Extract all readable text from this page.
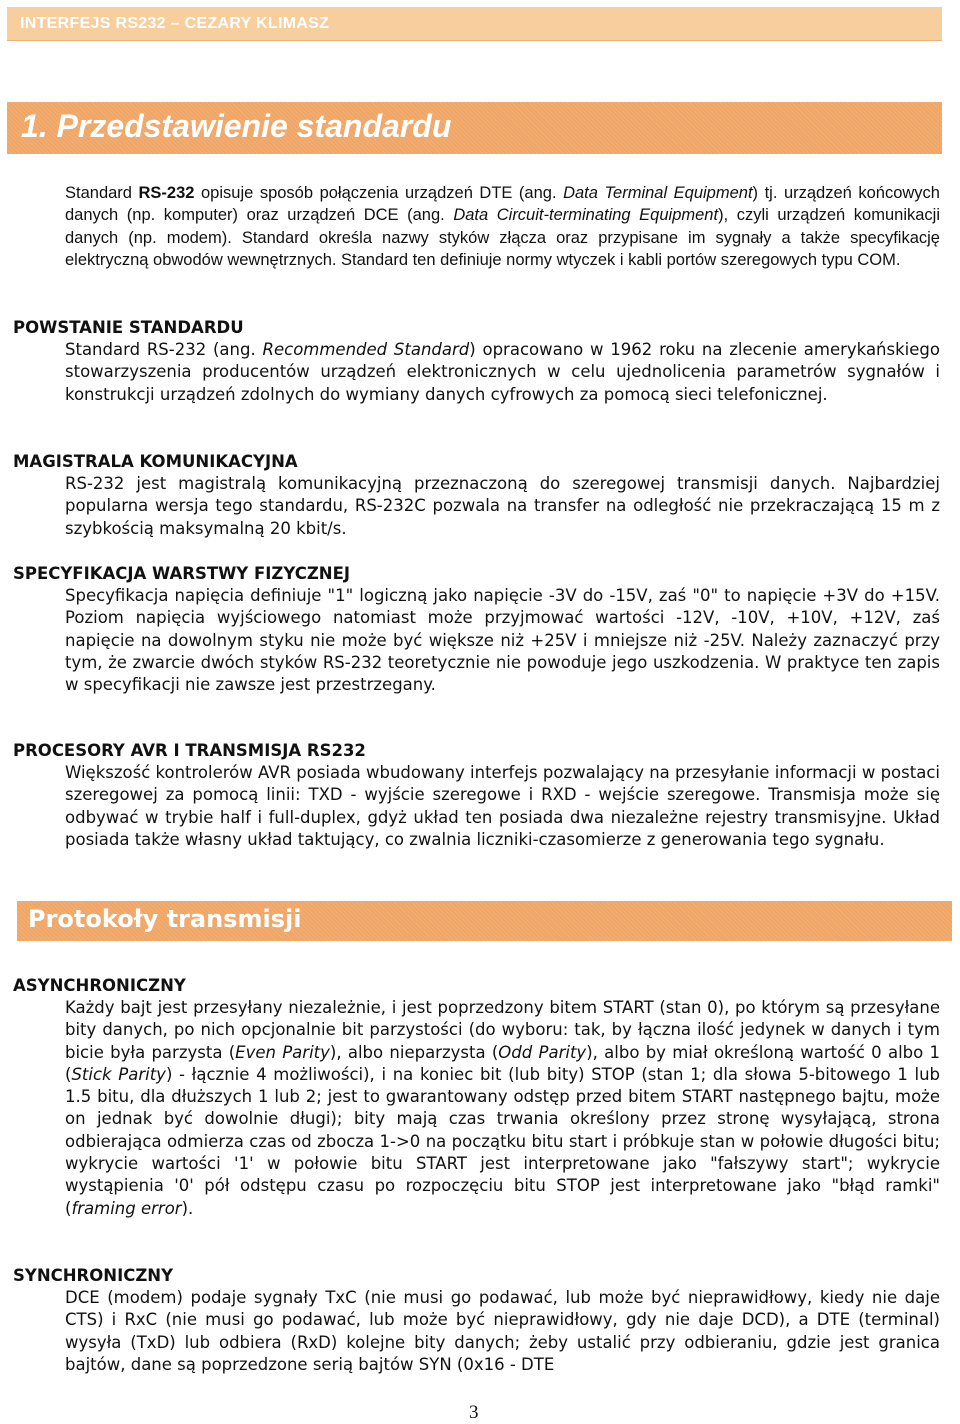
INTERFEJS RS232 – CEZARY KLIMASZ
1. Przedstawienie standardu

Standard RS-232 opisuje sposób połączenia urządzeń DTE (ang. Data Terminal Equipment) tj. urządzeń końcowych danych (np. komputer) oraz urządzeń DCE (ang. Data Circuit-terminating Equipment), czyli urządzeń komunikacji danych (np. modem). Standard określa nazwy styków złącza oraz przypisane im sygnały a także specyfikację elektryczną obwodów wewnętrznych. Standard ten definiuje normy wtyczek i kabli portów szeregowych typu COM.

POWSTANIE STANDARDU

Standard RS-232 (ang. Recommended Standard) opracowano w 1962 roku na zlecenie amerykańskiego stowarzyszenia producentów urządzeń elektronicznych w celu ujednolicenia parametrów sygnałów i konstrukcji urządzeń zdolnych do wymiany danych cyfrowych za pomocą sieci telefonicznej.

MAGISTRALA KOMUNIKACYJNA

RS-232 jest magistralą komunikacyjną przeznaczoną do szeregowej transmisji danych. Najbardziej popularna wersja tego standardu, RS-232C pozwala na transfer na odległość nie przekraczającą 15 m z szybkością maksymalną 20 kbit/s.

SPECYFIKACJA WARSTWY FIZYCZNEJ

Specyfikacja napięcia definiuje "1" logiczną jako napięcie -3V do -15V, zaś "0" to napięcie +3V do +15V. Poziom napięcia wyjściowego natomiast może przyjmować wartości -12V, -10V, +10V, +12V, zaś napięcie na dowolnym styku nie może być większe niż +25V i mniejsze niż -25V. Należy zaznaczyć przy tym, że zwarcie dwóch styków RS-232 teoretycznie nie powoduje jego uszkodzenia. W praktyce ten zapis w specyfikacji nie zawsze jest przestrzegany.

PROCESORY AVR I TRANSMISJA RS232

Większość kontrolerów AVR posiada wbudowany interfejs pozwalający na przesyłanie informacji w postaci szeregowej za pomocą linii: TXD - wyjście szeregowe i RXD - wejście szeregowe. Transmisja może się odbywać w trybie half i full-duplex, gdyż układ ten posiada dwa niezależne rejestry transmisyjne. Układ posiada także własny układ taktujący, co zwalnia liczniki-czasomierze z generowania tego sygnału.

Protokoły transmisji
ASYNCHRONICZNY

Każdy bajt jest przesyłany niezależnie, i jest poprzedzony bitem START (stan 0), po którym są przesyłane bity danych, po nich opcjonalnie bit parzystości (do wyboru: tak, by łączna ilość jedynek w danych i tym bicie była parzysta (Even Parity), albo nieparzysta (Odd Parity), albo by miał określoną wartość 0 albo 1 (Stick Parity) - łącznie 4 możliwości), i na koniec bit (lub bity) STOP (stan 1; dla słowa 5-bitowego 1 lub 1.5 bitu, dla dłuższych 1 lub 2; jest to gwarantowany odstęp przed bitem START następnego bajtu, może on jednak być dowolnie długi); bity mają czas trwania określony przez stronę wysyłającą, strona odbierająca odmierza czas od zbocza 1->0 na początku bitu start i próbkuje stan w połowie długości bitu; wykrycie wartości '1' w połowie bitu START jest interpretowane jako "fałszywy start"; wykrycie wystąpienia '0' pół odstępu czasu po rozpoczęciu bitu STOP jest interpretowane jako "błąd ramki" (framing error).

SYNCHRONICZNY

DCE (modem) podaje sygnały TxC (nie musi go podawać, lub może być nieprawidłowy, kiedy nie daje CTS) i RxC (nie musi go podawać, lub może być nieprawidłowy, gdy nie daje DCD), a DTE (terminal) wysyła (TxD) lub odbiera (RxD) kolejne bity danych; żeby ustalić przy odbieraniu, gdzie jest granica bajtów, dane są poprzedzone serią bajtów SYN (0x16 - DTE

3
